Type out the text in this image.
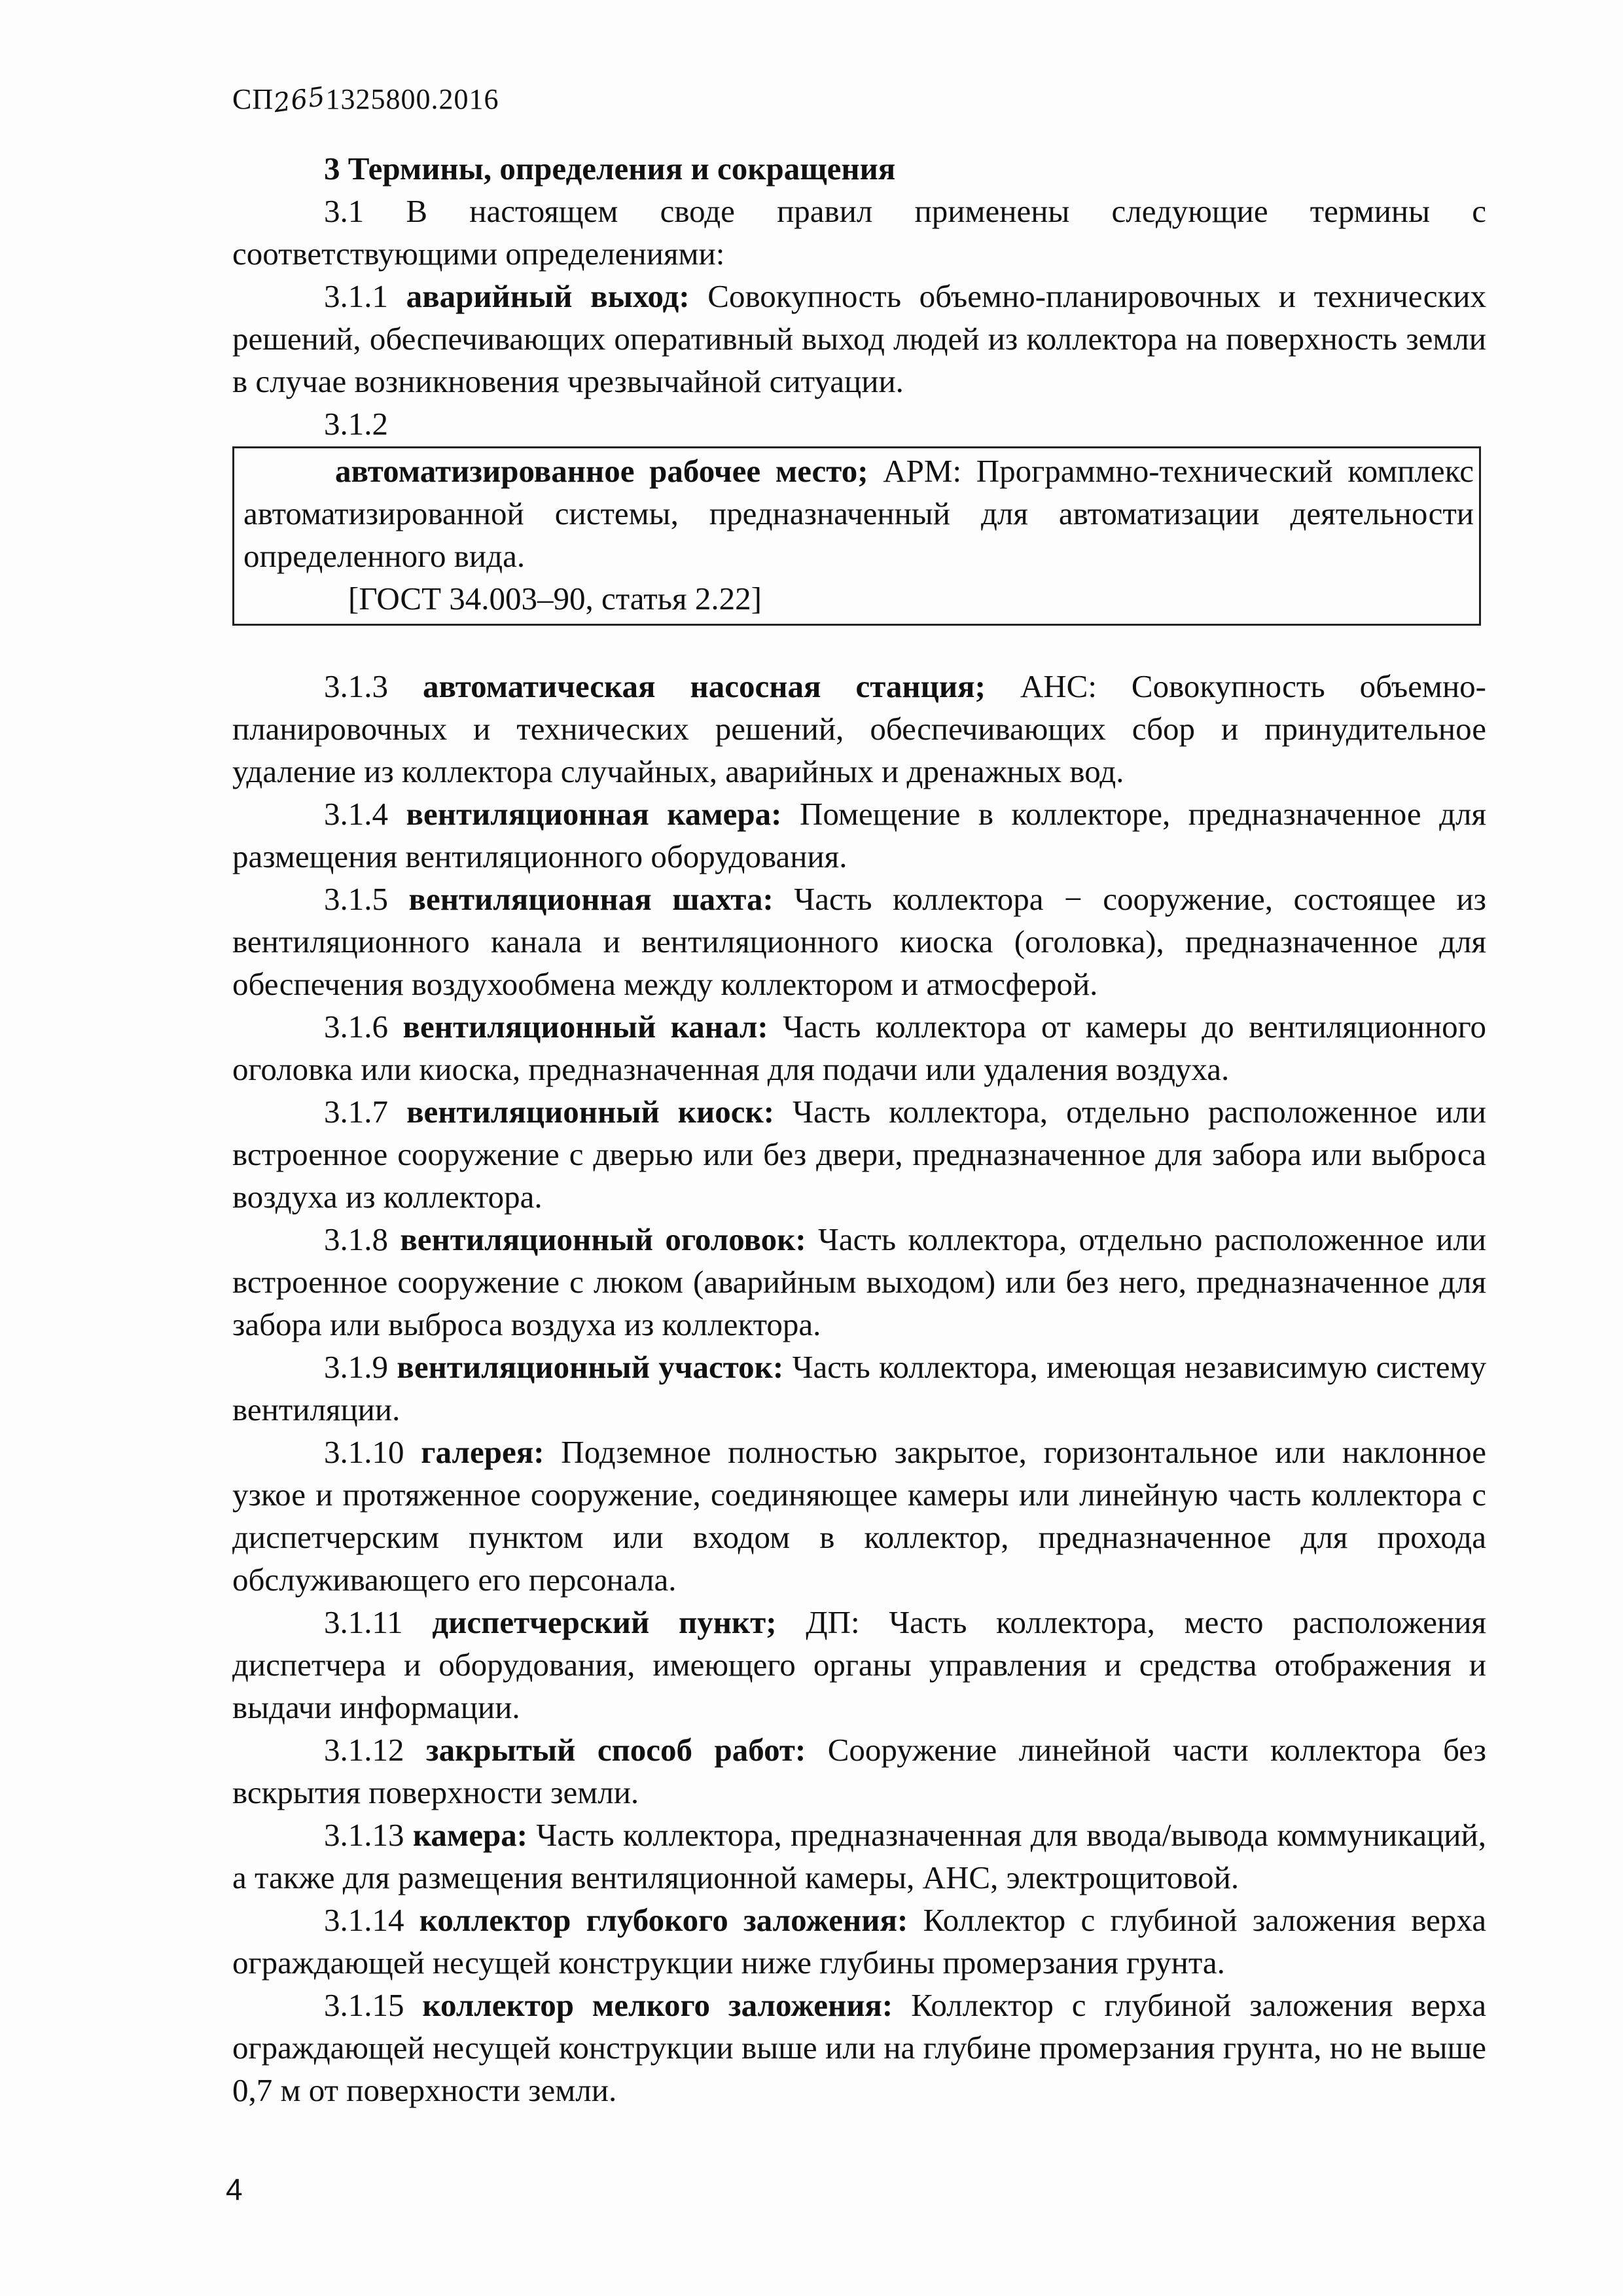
СП2651325800.2016
3 Термины, определения и сокращения

3.1 В настоящем своде правил применены следующие термины с соответствующими определениями:

3.1.1 аварийный выход: Совокупность объемно-планировочных и технических решений, обеспечивающих оперативный выход людей из коллектора на поверхность земли в случае возникновения чрезвычайной ситуации.

3.1.2

автоматизированное рабочее место; АРМ: Программно-технический комплекс автоматизированной системы, предназначенный для автоматизации деятельности определенного вида.

[ГОСТ 34.003–90, статья 2.22]

3.1.3 автоматическая насосная станция; АНС: Совокупность объемно-планировочных и технических решений, обеспечивающих сбор и принудительное удаление из коллектора случайных, аварийных и дренажных вод.

3.1.4 вентиляционная камера: Помещение в коллекторе, предназначенное для размещения вентиляционного оборудования.

3.1.5 вентиляционная шахта: Часть коллектора − сооружение, состоящее из вентиляционного канала и вентиляционного киоска (оголовка), предназначенное для обеспечения воздухообмена между коллектором и атмосферой.

3.1.6 вентиляционный канал: Часть коллектора от камеры до вентиляционного оголовка или киоска, предназначенная для подачи или удаления воздуха.

3.1.7 вентиляционный киоск: Часть коллектора, отдельно расположенное или встроенное сооружение с дверью или без двери, предназначенное для забора или выброса воздуха из коллектора.

3.1.8 вентиляционный оголовок: Часть коллектора, отдельно расположенное или встроенное сооружение с люком (аварийным выходом) или без него, предназначенное для забора или выброса воздуха из коллектора.

3.1.9 вентиляционный участок: Часть коллектора, имеющая независимую систему вентиляции.

3.1.10 галерея: Подземное полностью закрытое, горизонтальное или наклонное узкое и протяженное сооружение, соединяющее камеры или линейную часть коллектора с диспетчерским пунктом или входом в коллектор, предназначенное для прохода обслуживающего его персонала.

3.1.11 диспетчерский пункт; ДП: Часть коллектора, место расположения диспетчера и оборудования, имеющего органы управления и средства отображения и выдачи информации.

3.1.12 закрытый способ работ: Сооружение линейной части коллектора без вскрытия поверхности земли.

3.1.13 камера: Часть коллектора, предназначенная для ввода/вывода коммуникаций, а также для размещения вентиляционной камеры, АНС, электрощитовой.

3.1.14 коллектор глубокого заложения: Коллектор с глубиной заложения верха ограждающей несущей конструкции ниже глубины промерзания грунта.

3.1.15 коллектор мелкого заложения: Коллектор с глубиной заложения верха ограждающей несущей конструкции выше или на глубине промерзания грунта, но не выше 0,7 м от поверхности земли.

4
